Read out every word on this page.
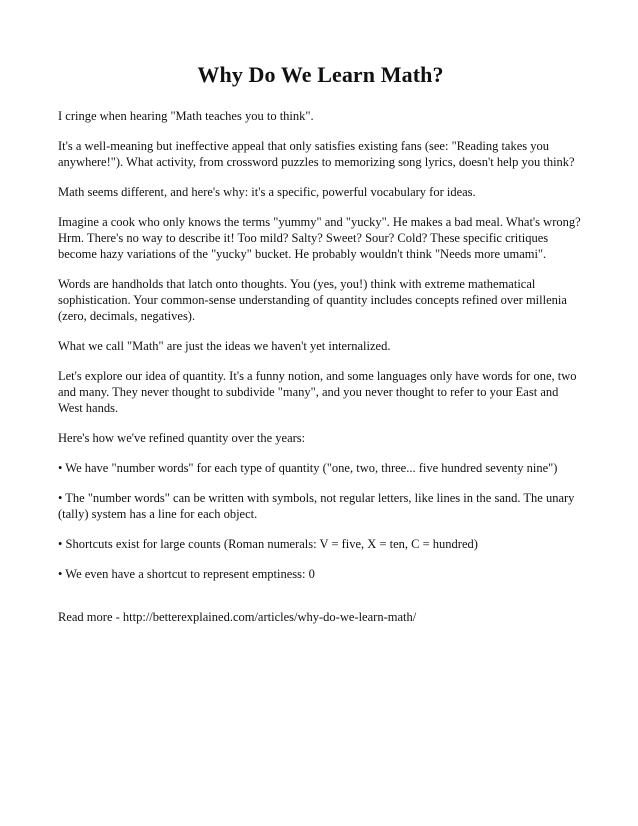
Why Do We Learn Math?

I cringe when hearing "Math teaches you to think".

It's a well-meaning but ineffective appeal that only satisfies existing fans (see: "Reading takes you anywhere!"). What activity, from crossword puzzles to memorizing song lyrics, doesn't help you think?

Math seems different, and here's why: it's a specific, powerful vocabulary for ideas.

Imagine a cook who only knows the terms "yummy" and "yucky". He makes a bad meal. What's wrong? Hrm. There's no way to describe it! Too mild? Salty? Sweet? Sour? Cold? These specific critiques become hazy variations of the "yucky" bucket. He probably wouldn't think "Needs more umami".

Words are handholds that latch onto thoughts. You (yes, you!) think with extreme mathematical sophistication. Your common-sense understanding of quantity includes concepts refined over millenia (zero, decimals, negatives).

What we call "Math" are just the ideas we haven't yet internalized.

Let's explore our idea of quantity. It's a funny notion, and some languages only have words for one, two and many. They never thought to subdivide "many", and you never thought to refer to your East and West hands.

Here's how we've refined quantity over the years:

• We have "number words" for each type of quantity ("one, two, three... five hundred seventy nine")

• The "number words" can be written with symbols, not regular letters, like lines in the sand. The unary (tally) system has a line for each object.

• Shortcuts exist for large counts (Roman numerals: V = five, X = ten, C = hundred)

• We even have a shortcut to represent emptiness: 0

Read more - http://betterexplained.com/articles/why-do-we-learn-math/
